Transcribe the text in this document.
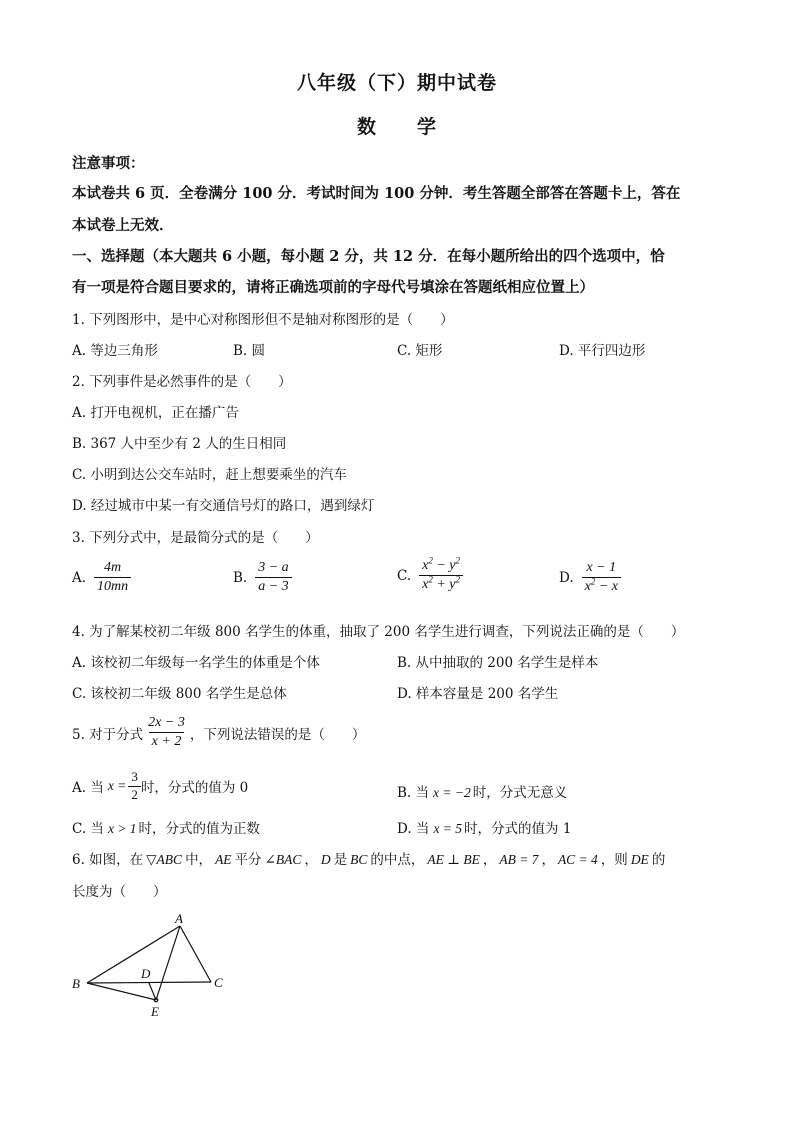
八年级（下）期中试卷
数　　学
注意事项：
本试卷共 6 页．全卷满分 100 分．考试时间为 100 分钟．考生答题全部答在答题卡上，答在
本试卷上无效．
一、选择题（本大题共 6 小题，每小题 2 分，共 12 分．在每小题所给出的四个选项中，恰
有一项是符合题目要求的，请将正确选项前的字母代号填涂在答题纸相应位置上）
1. 下列图形中，是中心对称图形但不是轴对称图形的是（　　）
A. 等边三角形	B. 圆	C. 矩形	D. 平行四边形
2. 下列事件是必然事件的是（　　）
A. 打开电视机，正在播广告
B. 367 人中至少有 2 人的生日相同
C. 小明到达公交车站时，赶上想要乘坐的汽车
D. 经过城市中某一有交通信号灯的路口，遇到绿灯
3. 下列分式中，是最简分式的是（　　）
A. $\frac{4m}{10mn}$	B. $\frac{3 - a}{a - 3}$	C. $\frac{x^2 - y^2}{x^2 + y^2}$	D. $\frac{x - 1}{x^2 - x}$
4. 为了解某校初二年级 800 名学生的体重，抽取了 200 名学生进行调查，下列说法正确的是（　　）
A. 该校初二年级每一名学生的体重是个体	B. 从中抽取的 200 名学生是样本
C. 该校初二年级 800 名学生是总体	D. 样本容量是 200 名学生
5. 对于分式 $\frac{2x - 3}{x + 2}$ ，下列说法错误的是（　　）
A. 当 $x = \frac{3}{2}$ 时，分式的值为 0	B. 当 x = −2 时，分式无意义
C. 当 x > 1 时，分式的值为正数	D. 当 x = 5 时，分式的值为 1
6. 如图，在 ▽ABC 中， AE 平分 ∠BAC ， D 是 BC 的中点， AE ⊥ BE ， AB = 7 ， AC = 4 ，则 DE 的
长度为（　　）
A
B	C
D
E
